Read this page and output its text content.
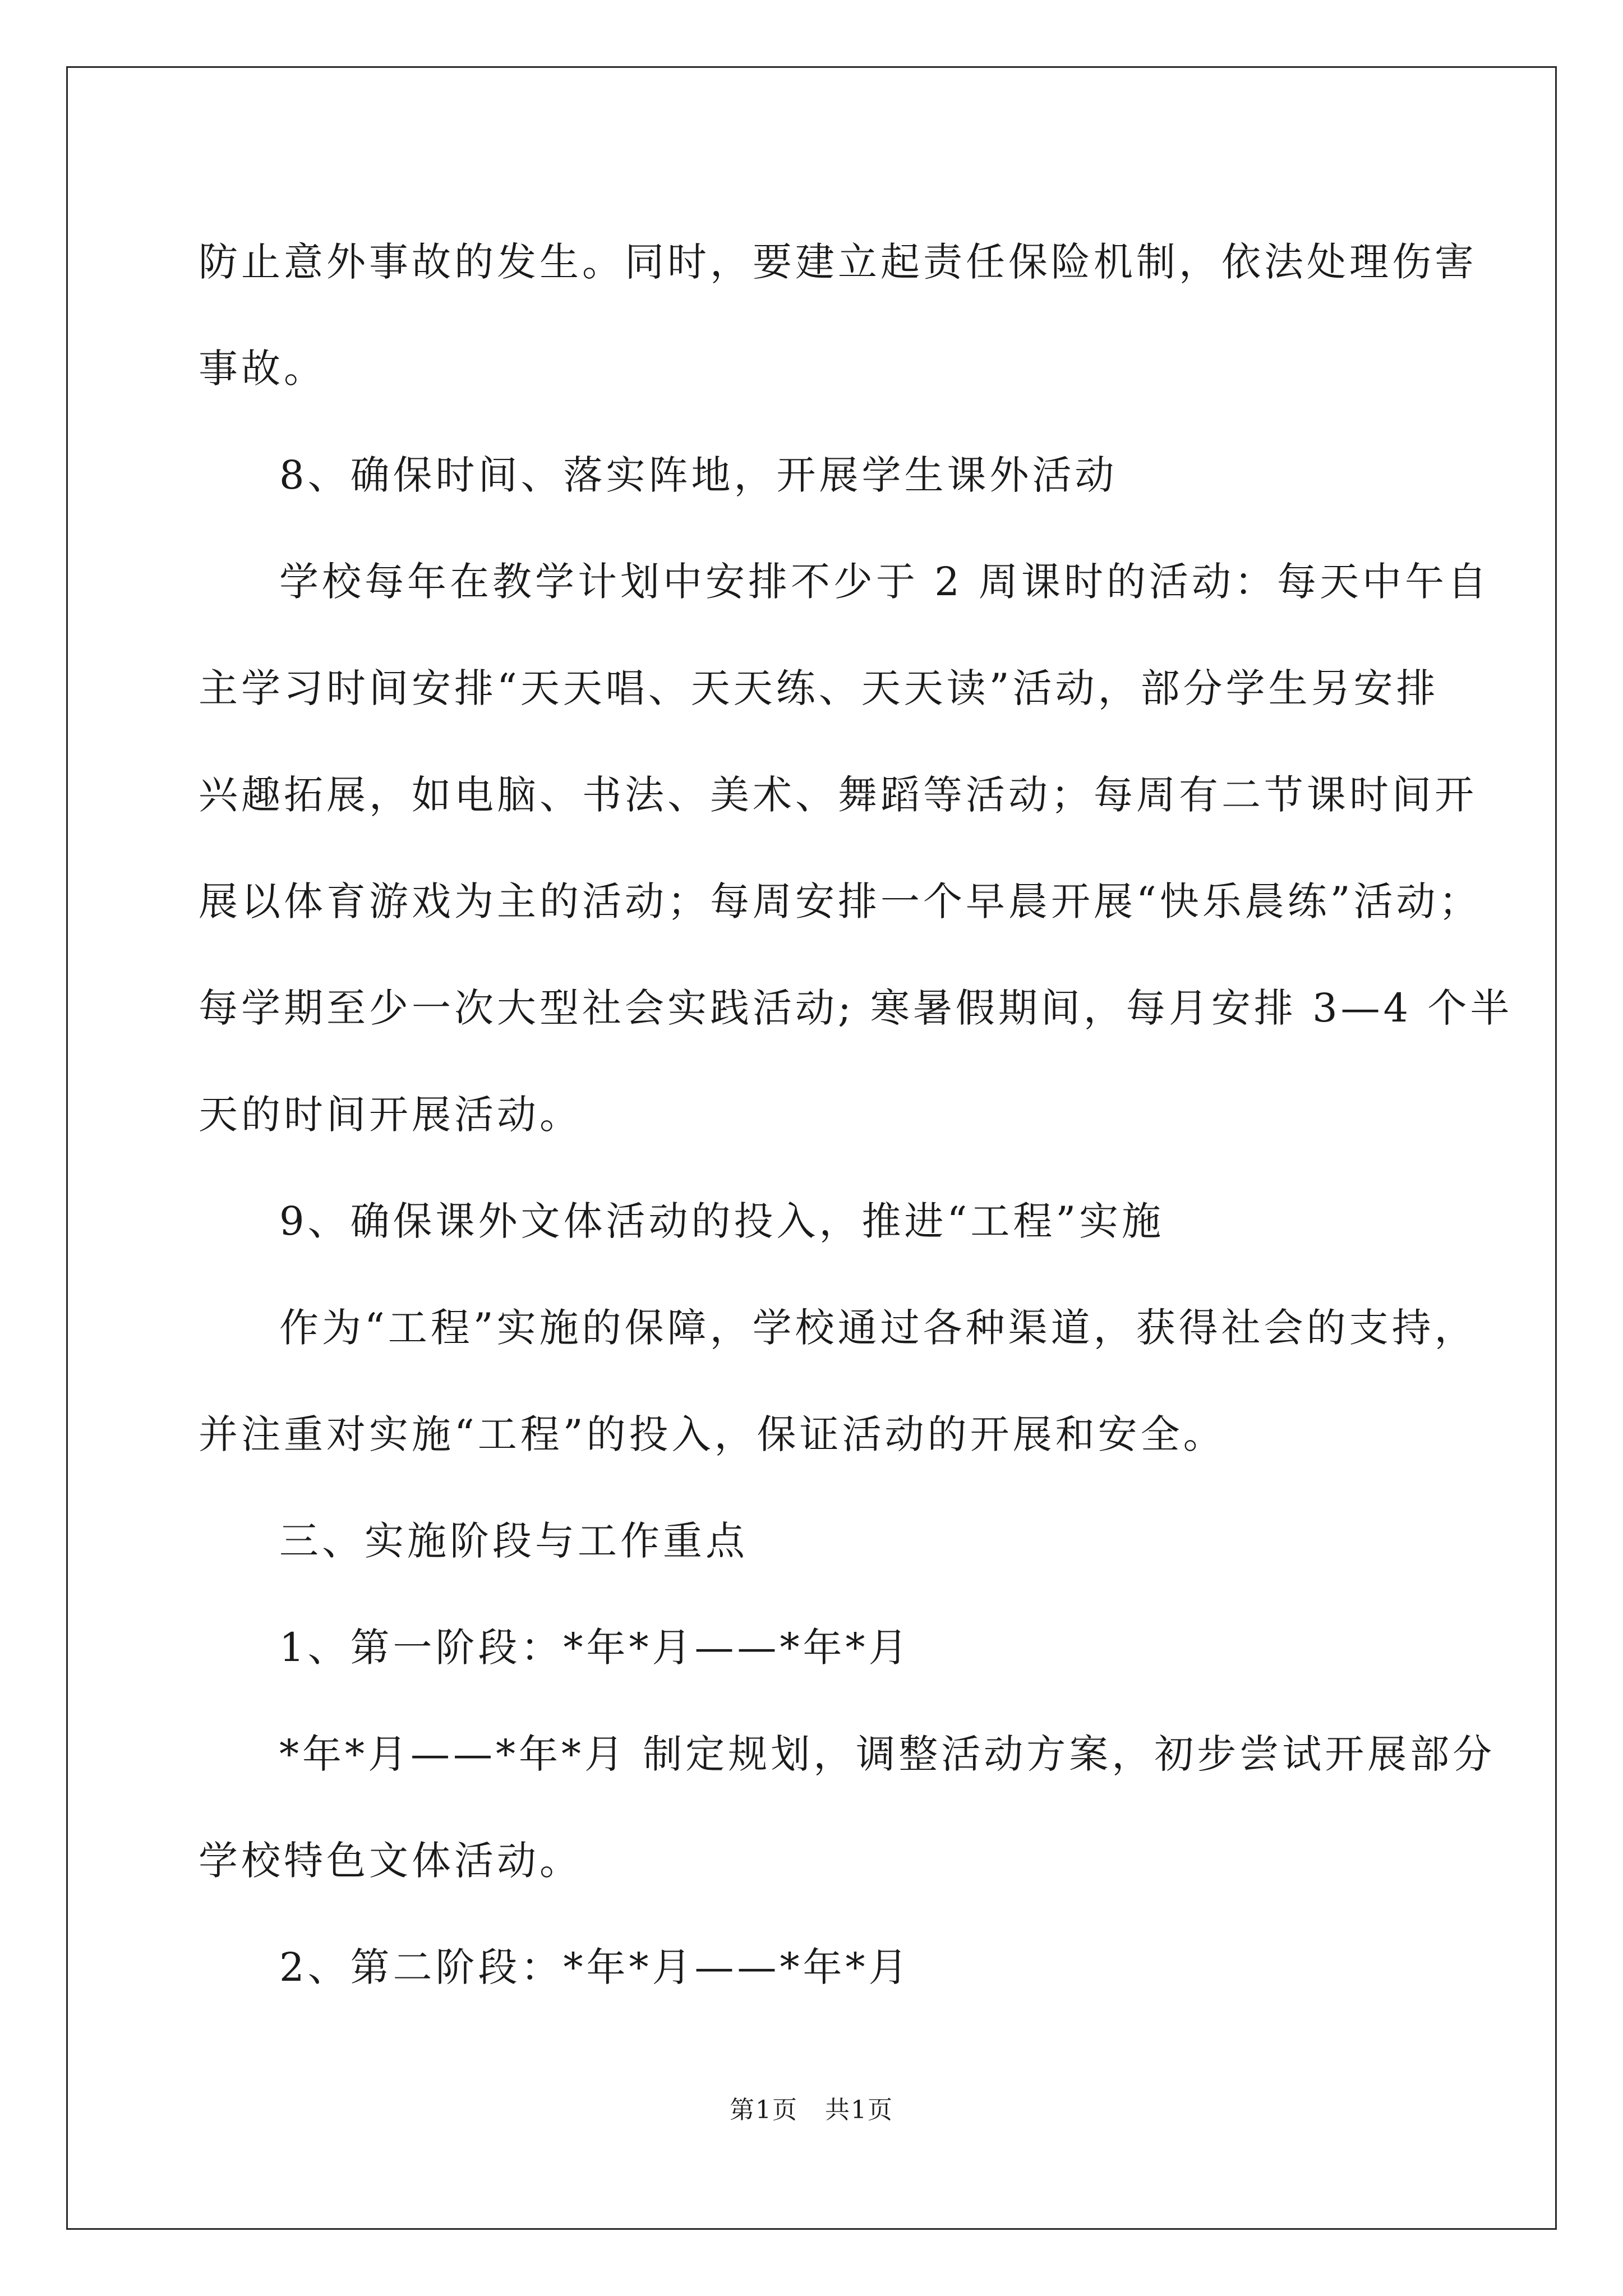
防止意外事故的发生。同时，要建立起责任保险机制，依法处理伤害

事故。

8、确保时间、落实阵地，开展学生课外活动

学校每年在教学计划中安排不少于 2 周课时的活动：每天中午自

主学习时间安排“天天唱、天天练、天天读”活动，部分学生另安排

兴趣拓展，如电脑、书法、美术、舞蹈等活动；每周有二节课时间开

展以体育游戏为主的活动；每周安排一个早晨开展“快乐晨练”活动；

每学期至少一次大型社会实践活动; 寒暑假期间，每月安排 3—4 个半

天的时间开展活动。

9、确保课外文体活动的投入，推进“工程”实施

作为“工程”实施的保障，学校通过各种渠道，获得社会的支持，

并注重对实施“工程”的投入，保证活动的开展和安全。

三、实施阶段与工作重点

1、第一阶段：*年*月——*年*月

*年*月——*年*月 制定规划，调整活动方案，初步尝试开展部分

学校特色文体活动。

2、第二阶段：*年*月——*年*月

第1页   共1页
